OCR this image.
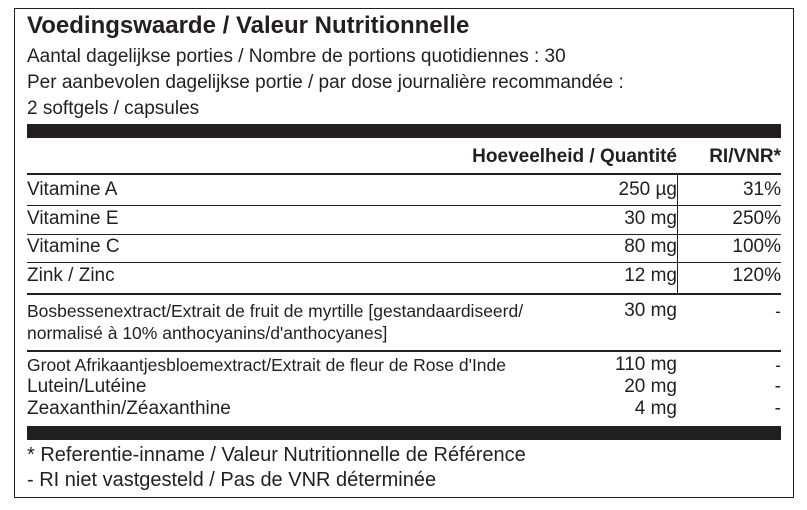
Voedingswaarde / Valeur Nutritionnelle
Aantal dagelijkse porties / Nombre de portions quotidiennes : 30
Per aanbevolen dagelijkse portie / par dose journalière recommandée :
2 softgels / capsules
Hoeveelheid / Quantité RI/VNR*
Vitamine A	250 µg	31%
Vitamine E	30 mg	250%
Vitamine C	80 mg	100%
Zink / Zinc	12 mg	120%
Bosbessenextract/Extrait de fruit de myrtille [gestandaardiseerd/	30 mg	-
normalisé à 10% anthocyanins/d'anthocyanes]
Groot Afrikaantjesbloemextract/Extrait de fleur de Rose d'Inde	110 mg	-
Lutein/Lutéine	20 mg	-
Zeaxanthin/Zéaxanthine	4 mg	-
* Referentie-inname / Valeur Nutritionnelle de Référence
- RI niet vastgesteld / Pas de VNR déterminée
